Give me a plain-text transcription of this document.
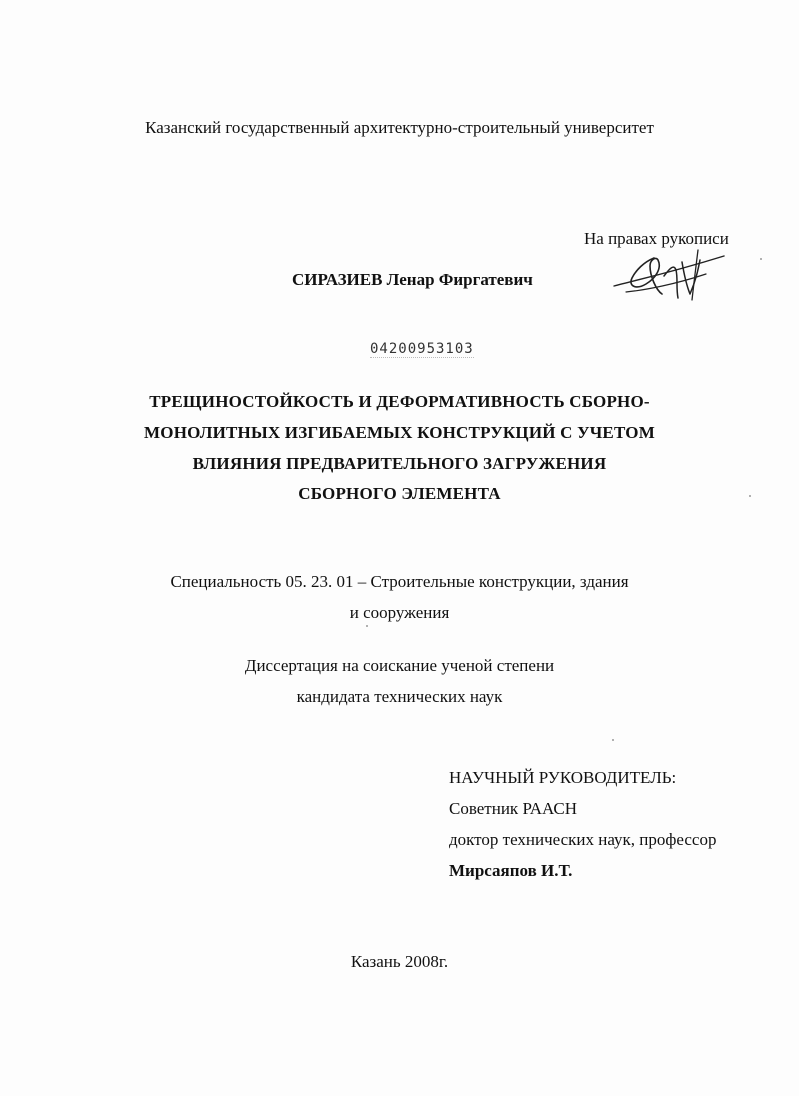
Казанский государственный архитектурно-строительный университет
На правах рукописи
СИРАЗИЕВ Ленар Фиргатевич
04200953103
ТРЕЩИНОСТОЙКОСТЬ И ДЕФОРМАТИВНОСТЬ СБОРНО-
МОНОЛИТНЫХ ИЗГИБАЕМЫХ КОНСТРУКЦИЙ С УЧЕТОМ
ВЛИЯНИЯ ПРЕДВАРИТЕЛЬНОГО ЗАГРУЖЕНИЯ
СБОРНОГО ЭЛЕМЕНТА
Специальность 05. 23. 01 – Строительные конструкции, здания
и сооружения
Диссертация на соискание ученой степени
кандидата технических наук
НАУЧНЫЙ РУКОВОДИТЕЛЬ:
Советник РААСН
доктор технических наук, профессор
Мирсаяпов И.Т.
Казань 2008г.
